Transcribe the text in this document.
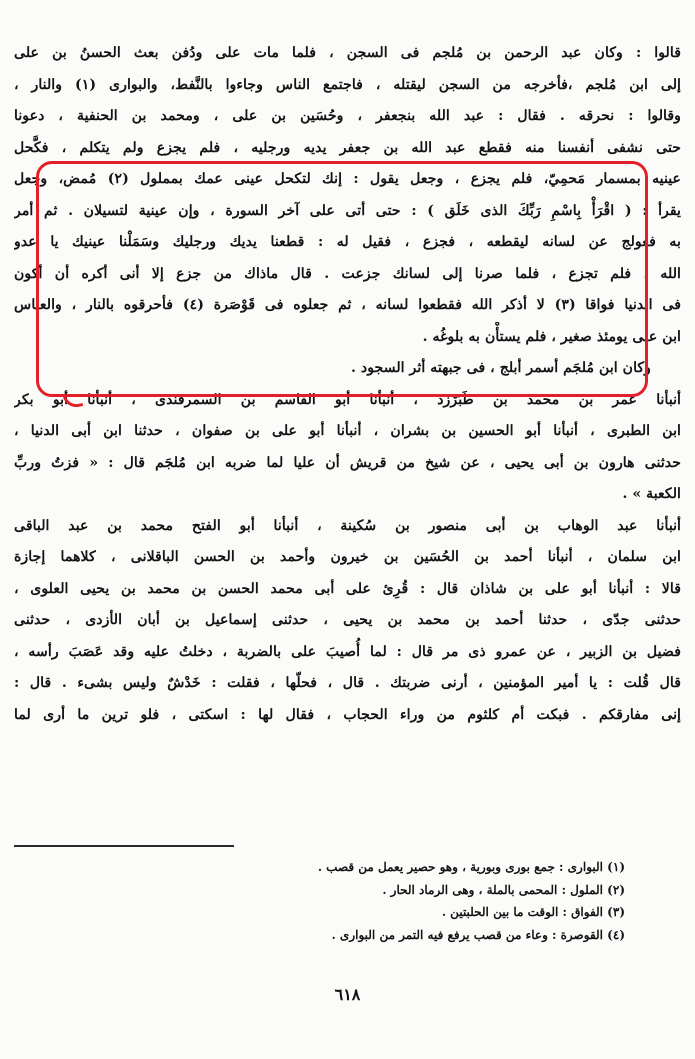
قالوا : وكان عبد الرحمن بن مُلجم فى السجن ، فلما مات على ودُفن بعث الحسنُ بن على
إلى ابن مُلجم ،فأخرجه من السجن ليقتله ، فاجتمع الناس وجاءوا بالنَّفط، والبوارى (١) والنار ،
وقالوا : نحرقه . فقال : عبد الله بنجعفر ، وحُسَين بن على ، ومحمد بن الحنفية ، دعونا
حتى نشفى أنفسنا منه فقطع عبد الله بن جعفر يديه ورجليه ، فلم يجزع ولم يتكلم ، فكَّحل
عينيه بمسمار مَحمِيّ، فلم يجزع ، وجعل يقول : إنك لتكحل عينى عمك بمملول (٢) مُمض، وجعل
يقرأ : ( اقْرَأْ بِاسْمِ رَبِّكَ الذى خَلَق ) : حتى أتى على آخر السورة ، وإن عينية لتسيلان . ثم أمر
به فعولج عن لسانه ليقطعه ، فجزع ، فقيل له : قطعنا يديك ورجليك وسَمَلْنا عينيك يا عدو
الله ، فلم تجزع ، فلما صرنا إلى لسانك جزعت . قال ماذاك من جزع إلا أنى أكره أن أكون
فى الدنيا فواقا (٣) لا أذكر الله فقطعوا لسانه ، ثم جعلوه فى قَوْصَرة (٤) فأحرقوه بالنار ، والعباس
ابن على يومئذ صغير ، فلم يستأْن به بلوغُه .
وكان ابن مُلجَم أسمر أبلج ، فى جبهته أثر السجود .
أنبأنا عمر بن محمد بن طَبَرْزد ، أنبأنا أبو القاسم بن السمرقندى ، أنبأنا أبو بكر
ابن الطبرى ، أنبأنا أبو الحسين بن بشران ، أنبأنا أبو على بن صفوان ، حدثنا ابن أبى الدنيا ،
حدثنى هارون بن أبى يحيى ، عن شيخ من قريش أن عليا لما ضربه ابن مُلجَم قال : « فزتُ وربِّ
الكعبة » .
أنبأنا عبد الوهاب بن أبى منصور بن سُكينة ، أنبأنا أبو الفتح محمد بن عبد الباقى
ابن سلمان ، أنبأنا أحمد بن الحُسَين بن خيرون وأحمد بن الحسن الباقلانى ، كلاهما إجازة
قالا : أنبأنا أبو على بن شاذان قال : قُرِئ على أبى محمد الحسن بن محمد بن يحيى العلوى ،
حدثنى جدّى ، حدثنا أحمد بن محمد بن يحيى ، حدثنى إسماعيل بن أبان الأزدى ، حدثنى
فضيل بن الزبير ، عن عمرو ذى مر قال : لما أُصيبَ على بالضربة ، دخلتُ عليه وقد عَصَبَ رأسه ،
قال قُلت : يا أمير المؤمنين ، أرنى ضربتك . قال ، فحلّها ، فقلت : خَدْشٌ وليس بشىء . قال :
إنى مفارقكم . فبكت أم كلثوم من وراء الحجاب ، فقال لها : اسكتى ، فلو ترين ما أرى لما
(١) البوارى : جمع بورى وبورية ، وهو حصير يعمل من قصب .
(٢) الملول : المحمى بالملة ، وهى الرماد الحار .
(٣) الفواق : الوقت ما بين الحلبتين .
(٤) القوصرة : وعاء من قصب يرفع فيه التمر من البوارى .
٦١٨
